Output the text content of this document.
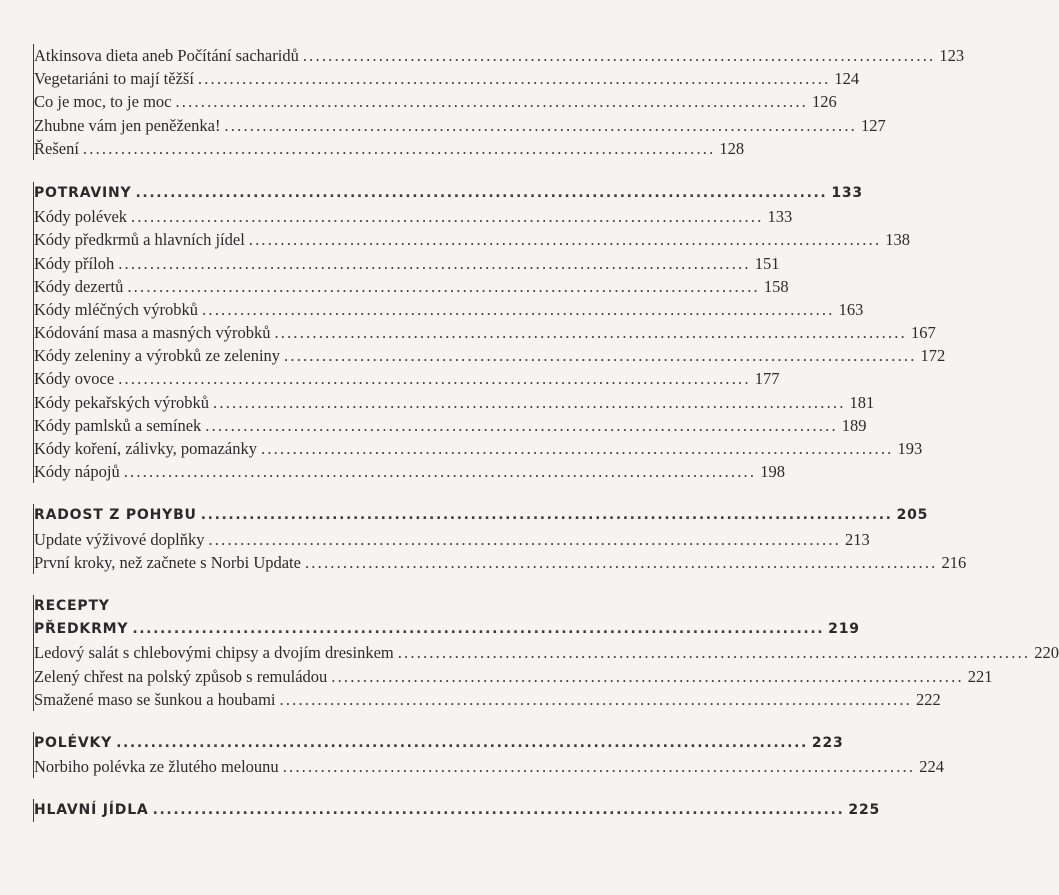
Atkinsova dieta aneb Počítání sacharidů .................................................................................................... 123
Vegetariáni to mají těžší .................................................................................................... 124
Co je moc, to je moc .................................................................................................... 126
Zhubne vám jen peněženka! .................................................................................................... 127
Řešení .................................................................................................... 128
POTRAVINY .................................................................................................... 133
Kódy polévek .................................................................................................... 133
Kódy předkrmů a hlavních jídel .................................................................................................... 138
Kódy příloh .................................................................................................... 151
Kódy dezertů .................................................................................................... 158
Kódy mléčných výrobků .................................................................................................... 163
Kódování masa a masných výrobků .................................................................................................... 167
Kódy zeleniny a výrobků ze zeleniny .................................................................................................... 172
Kódy ovoce .................................................................................................... 177
Kódy pekařských výrobků .................................................................................................... 181
Kódy pamlsků a semínek .................................................................................................... 189
Kódy koření, zálivky, pomazánky .................................................................................................... 193
Kódy nápojů .................................................................................................... 198
RADOST Z POHYBU .................................................................................................... 205
Update výživové doplňky .................................................................................................... 213
První kroky, než začnete s Norbi Update .................................................................................................... 216
RECEPTY
PŘEDKRMY .................................................................................................... 219
Ledový salát s chlebovými chipsy a dvojím dresinkem .................................................................................................... 220
Zelený chřest na polský způsob s remuládou .................................................................................................... 221
Smažené maso se šunkou a houbami .................................................................................................... 222
POLÉVKY .................................................................................................... 223
Norbiho polévka ze žlutého melounu .................................................................................................... 224
HLAVNÍ JÍDLA .................................................................................................... 225
